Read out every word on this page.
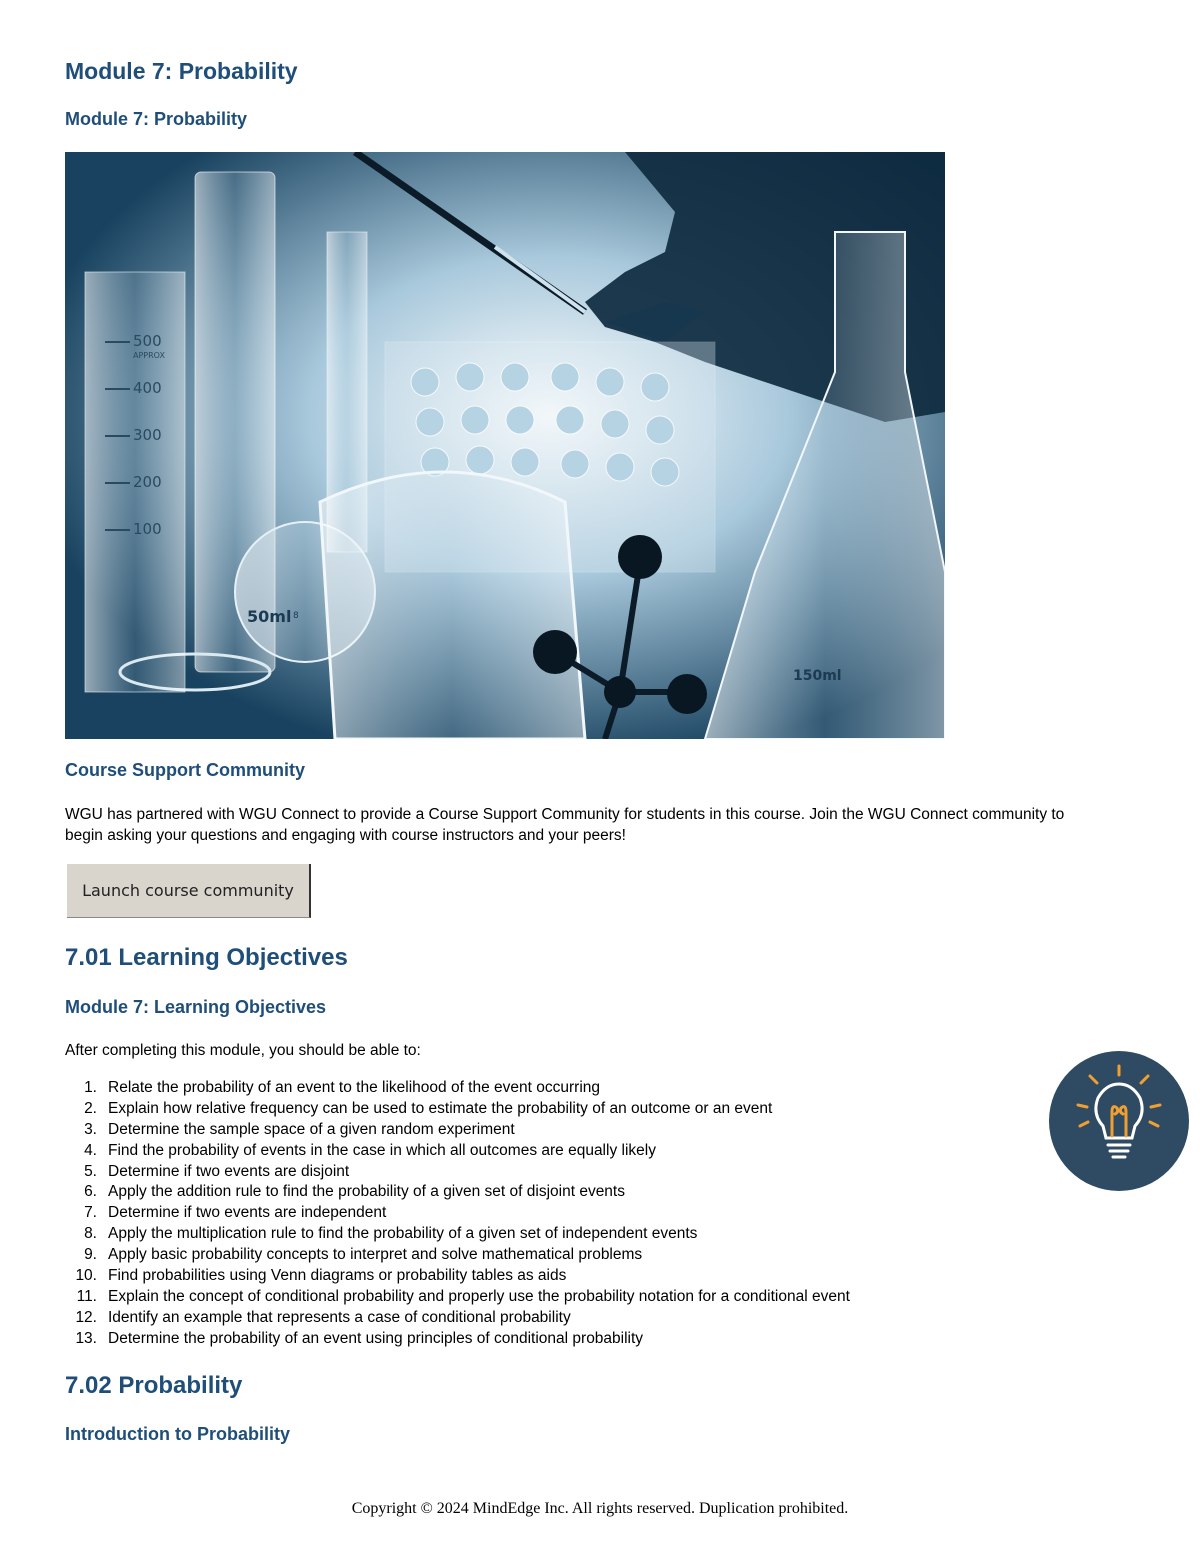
Module 7: Probability
Module 7: Probability
500
APPROX
400
300
200
100
50ml 8
150ml
Course Support Community

WGU has partnered with WGU Connect to provide a Course Support Community for students in this course. Join the WGU Connect community to begin asking your questions and engaging with course instructors and your peers!

Launch course community
7.01 Learning Objectives
Module 7: Learning Objectives

After completing this module, you should be able to:

1. Relate the probability of an event to the likelihood of the event occurring
2. Explain how relative frequency can be used to estimate the probability of an outcome or an event
3. Determine the sample space of a given random experiment
4. Find the probability of events in the case in which all outcomes are equally likely
5. Determine if two events are disjoint
6. Apply the addition rule to find the probability of a given set of disjoint events
7. Determine if two events are independent
8. Apply the multiplication rule to find the probability of a given set of independent events
9. Apply basic probability concepts to interpret and solve mathematical problems
10. Find probabilities using Venn diagrams or probability tables as aids
11. Explain the concept of conditional probability and properly use the probability notation for a conditional event
12. Identify an example that represents a case of conditional probability
13. Determine the probability of an event using principles of conditional probability
7.02 Probability
Introduction to Probability
Copyright © 2024 MindEdge Inc. All rights reserved. Duplication prohibited.
